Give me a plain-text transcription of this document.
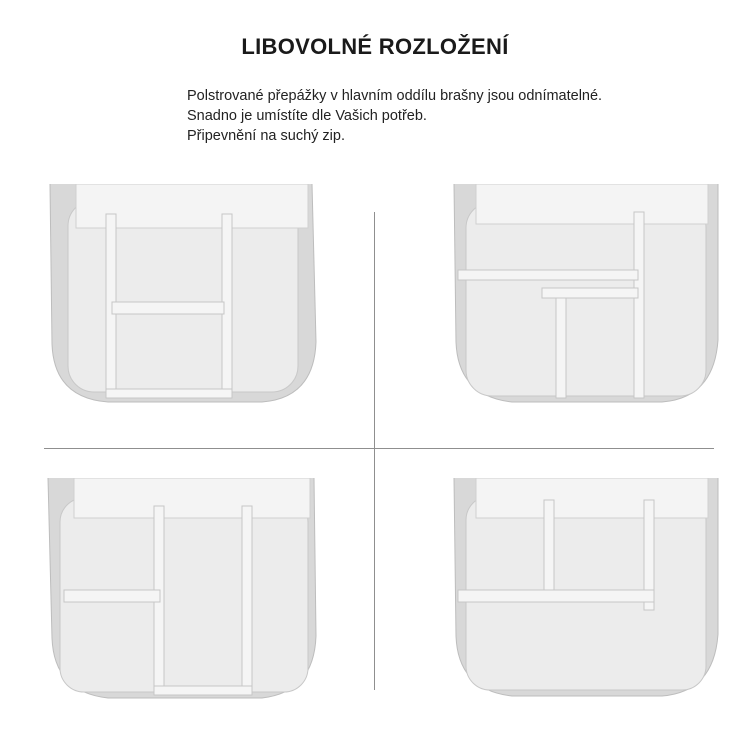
LIBOVOLNÉ ROZLOŽENÍ
Polstrované přepážky v hlavním oddílu brašny jsou odnímatelné.
Snadno je umístíte dle Vašich potřeb.
Připevnění na suchý zip.
